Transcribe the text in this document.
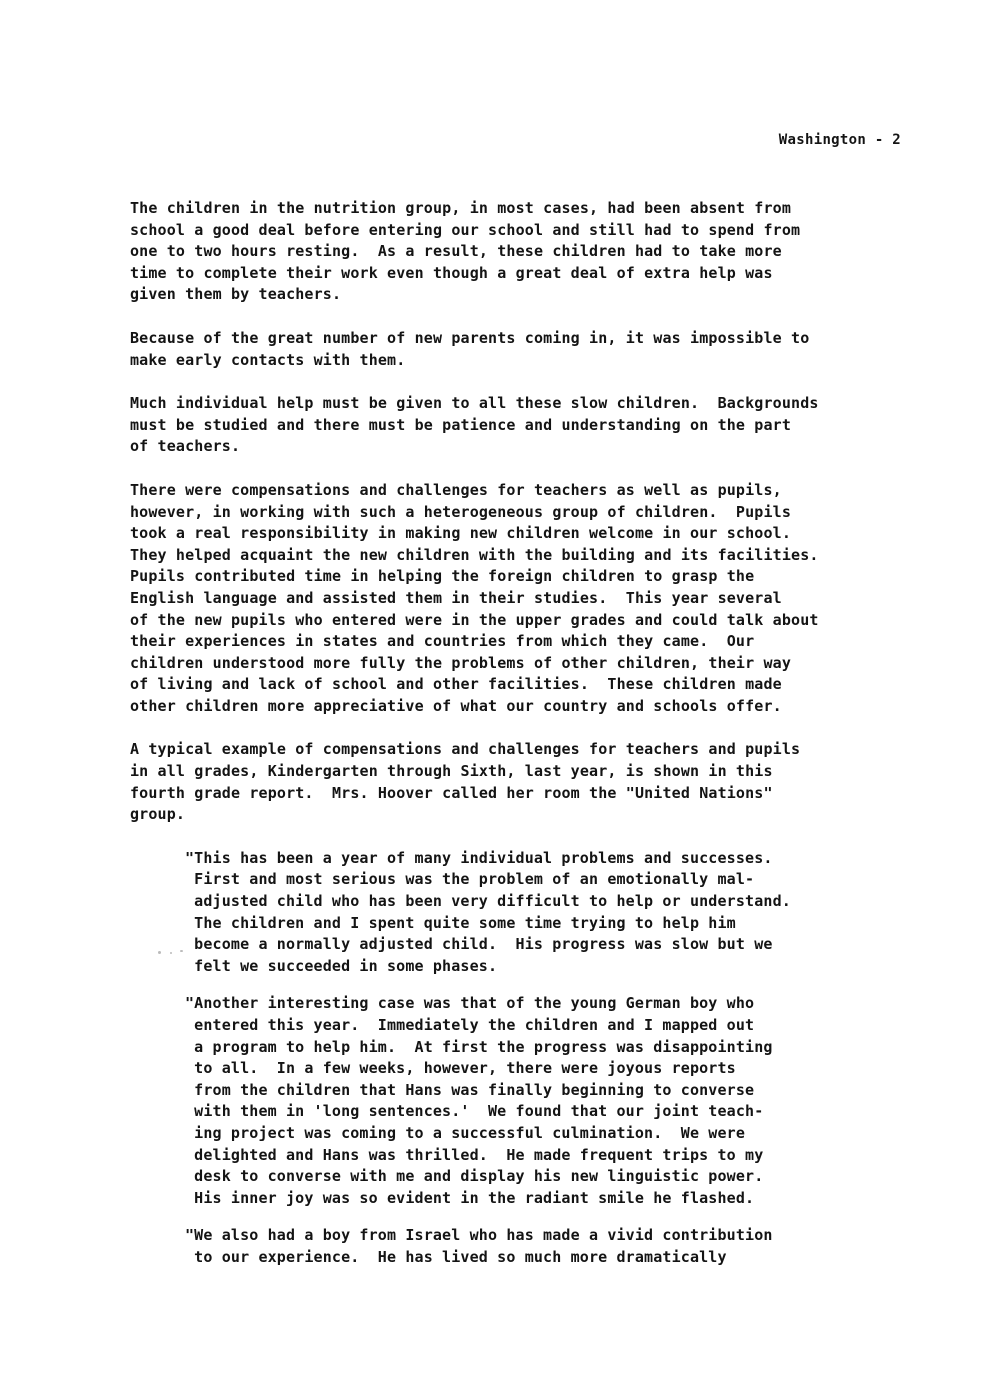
Washington - 2

The children in the nutrition group, in most cases, had been absent from
school a good deal before entering our school and still had to spend from
one to two hours resting.  As a result, these children had to take more
time to complete their work even though a great deal of extra help was
given them by teachers.

Because of the great number of new parents coming in, it was impossible to
make early contacts with them.

Much individual help must be given to all these slow children.  Backgrounds
must be studied and there must be patience and understanding on the part
of teachers.

There were compensations and challenges for teachers as well as pupils,
however, in working with such a heterogeneous group of children.  Pupils
took a real responsibility in making new children welcome in our school.
They helped acquaint the new children with the building and its facilities.
Pupils contributed time in helping the foreign children to grasp the
English language and assisted them in their studies.  This year several
of the new pupils who entered were in the upper grades and could talk about
their experiences in states and countries from which they came.  Our
children understood more fully the problems of other children, their way
of living and lack of school and other facilities.  These children made
other children more appreciative of what our country and schools offer.

A typical example of compensations and challenges for teachers and pupils
in all grades, Kindergarten through Sixth, last year, is shown in this
fourth grade report.  Mrs. Hoover called her room the "United Nations"
group.

"This has been a year of many individual problems and successes.
First and most serious was the problem of an emotionally mal-
adjusted child who has been very difficult to help or understand.
The children and I spent quite some time trying to help him
become a normally adjusted child.  His progress was slow but we
felt we succeeded in some phases.

"Another interesting case was that of the young German boy who
entered this year.  Immediately the children and I mapped out
a program to help him.  At first the progress was disappointing
to all.  In a few weeks, however, there were joyous reports
from the children that Hans was finally beginning to converse
with them in 'long sentences.'  We found that our joint teach-
ing project was coming to a successful culmination.  We were
delighted and Hans was thrilled.  He made frequent trips to my
desk to converse with me and display his new linguistic power.
His inner joy was so evident in the radiant smile he flashed.

"We also had a boy from Israel who has made a vivid contribution
to our experience.  He has lived so much more dramatically
